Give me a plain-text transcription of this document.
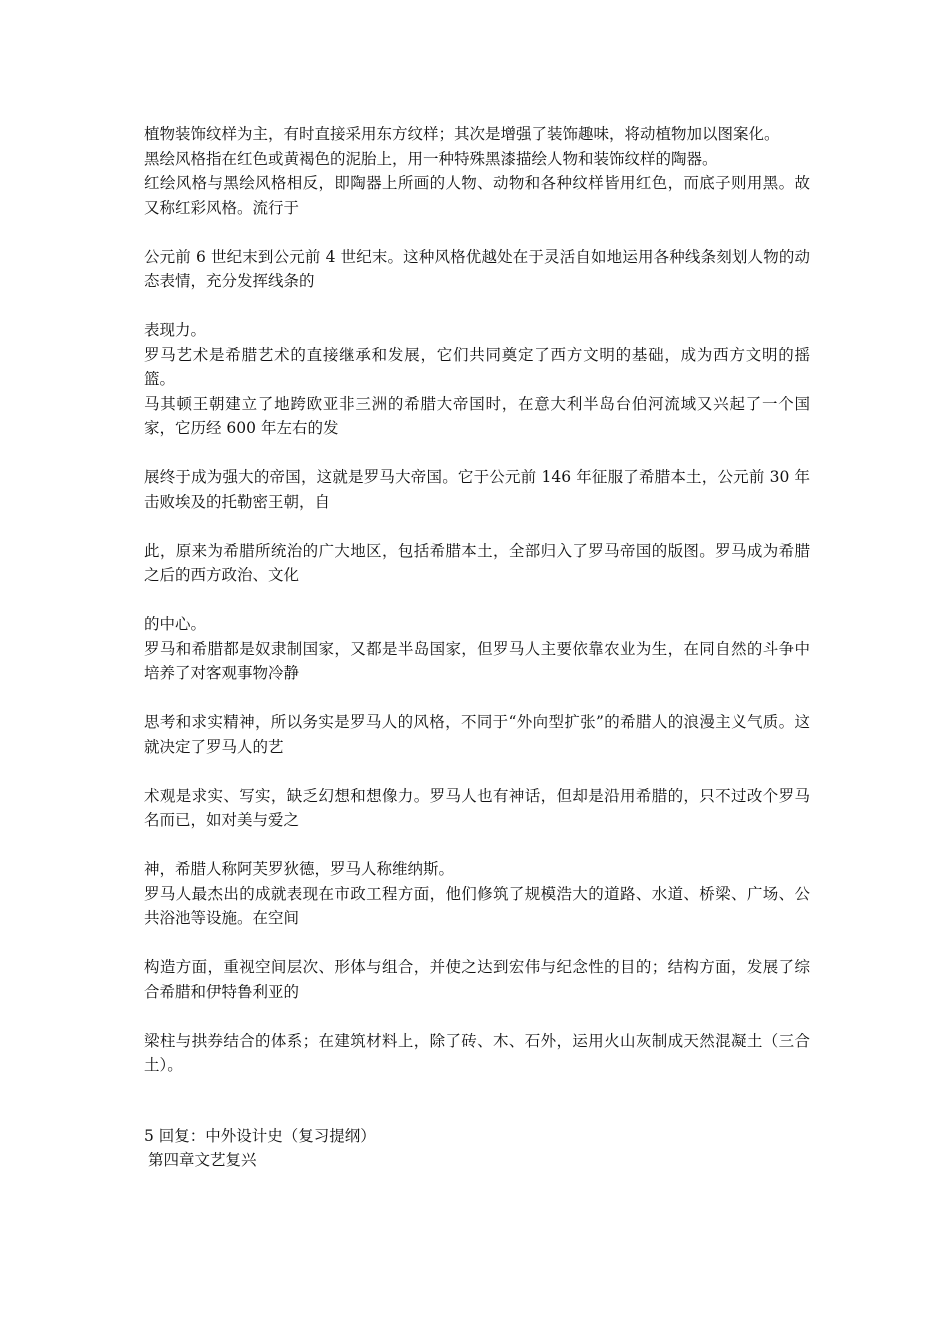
植物装饰纹样为主，有时直接采用东方纹样；其次是增强了装饰趣味，将动植物加以图案化。

黑绘风格指在红色或黄褐色的泥胎上，用一种特殊黑漆描绘人物和装饰纹样的陶器。

红绘风格与黑绘风格相反，即陶器上所画的人物、动物和各种纹样皆用红色，而底子则用黑。故又称红彩风格。流行于

公元前 6 世纪末到公元前 4 世纪末。这种风格优越处在于灵活自如地运用各种线条刻划人物的动态表情，充分发挥线条的

表现力。

罗马艺术是希腊艺术的直接继承和发展，它们共同奠定了西方文明的基础，成为西方文明的摇篮。

马其顿王朝建立了地跨欧亚非三洲的希腊大帝国时，在意大利半岛台伯河流域又兴起了一个国家，它历经 600 年左右的发

展终于成为强大的帝国，这就是罗马大帝国。它于公元前 146 年征服了希腊本土，公元前 30 年击败埃及的托勒密王朝，自

此，原来为希腊所统治的广大地区，包括希腊本土，全部归入了罗马帝国的版图。罗马成为希腊之后的西方政治、文化

的中心。

罗马和希腊都是奴隶制国家，又都是半岛国家，但罗马人主要依靠农业为生，在同自然的斗争中培养了对客观事物冷静

思考和求实精神，所以务实是罗马人的风格，不同于“外向型扩张”的希腊人的浪漫主义气质。这就决定了罗马人的艺

术观是求实、写实，缺乏幻想和想像力。罗马人也有神话，但却是沿用希腊的，只不过改个罗马名而已，如对美与爱之

神，希腊人称阿芙罗狄德，罗马人称维纳斯。

罗马人最杰出的成就表现在市政工程方面，他们修筑了规模浩大的道路、水道、桥梁、广场、公共浴池等设施。在空间

构造方面，重视空间层次、形体与组合，并使之达到宏伟与纪念性的目的；结构方面，发展了综合希腊和伊特鲁利亚的

梁柱与拱券结合的体系；在建筑材料上，除了砖、木、石外，运用火山灰制成天然混凝土（三合土）。

5 回复：中外设计史（复习提纲）

第四章文艺复兴
